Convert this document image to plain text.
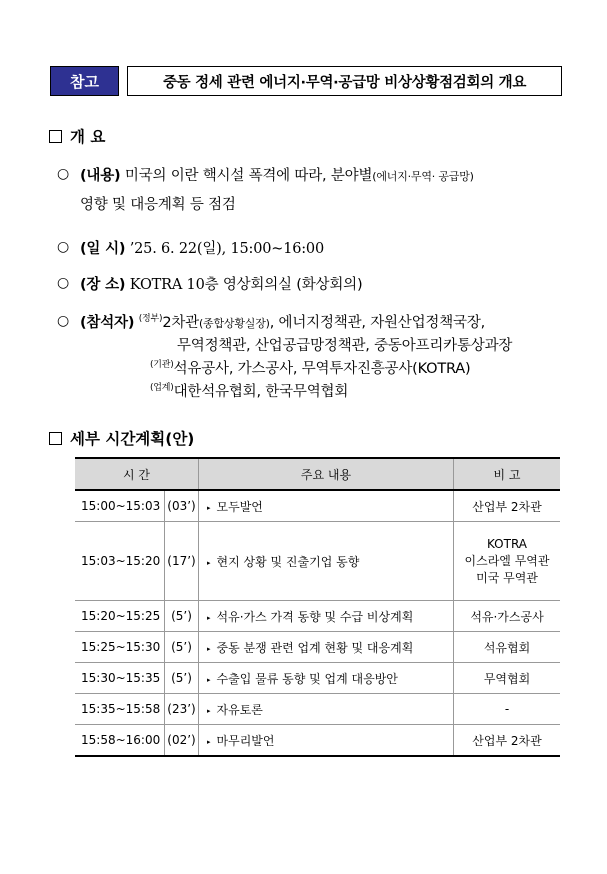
참고	중동 정세 관련 에너지·무역·공급망 비상상황점검회의 개요
개 요
○ (내용) 미국의 이란 핵시설 폭격에 따라, 분야별(에너지·무역· 공급망)
영향 및 대응계획 등 점검
○ (일 시) ’25. 6. 22(일), 15:00~16:00
○ (장 소) KOTRA 10층 영상회의실 (화상회의)
○ (참석자) $^{(정부)}$2차관(종합상황실장), 에너지정책관, 자원산업정책국장,
무역정책관, 산업공급망정책관, 중동아프리카통상과장
$^{(기관)}$석유공사, 가스공사, 무역투자진흥공사(KOTRA)
$^{(업계)}$대한석유협회, 한국무역협회
세부 시간계획(안)
시 간		주요 내용	비 고
15:00~15:03	(03’)	▸ 모두발언	산업부 2차관
15:03~15:20	(17’)	▸ 현지 상황 및 진출기업 동향	KOTRA
이스라엘 무역관
미국 무역관

15:20~15:25	(5’)	▸ 석유·가스 가격 동향 및 수급 비상계획	석유·가스공사
15:25~15:30	(5’)	▸ 중동 분쟁 관련 업계 현황 및 대응계획	석유협회
15:30~15:35	(5’)	▸ 수출입 물류 동향 및 업계 대응방안	무역협회
15:35~15:58	(23’)	▸ 자유토론	-
15:58~16:00	(02’)	▸ 마무리발언	산업부 2차관
